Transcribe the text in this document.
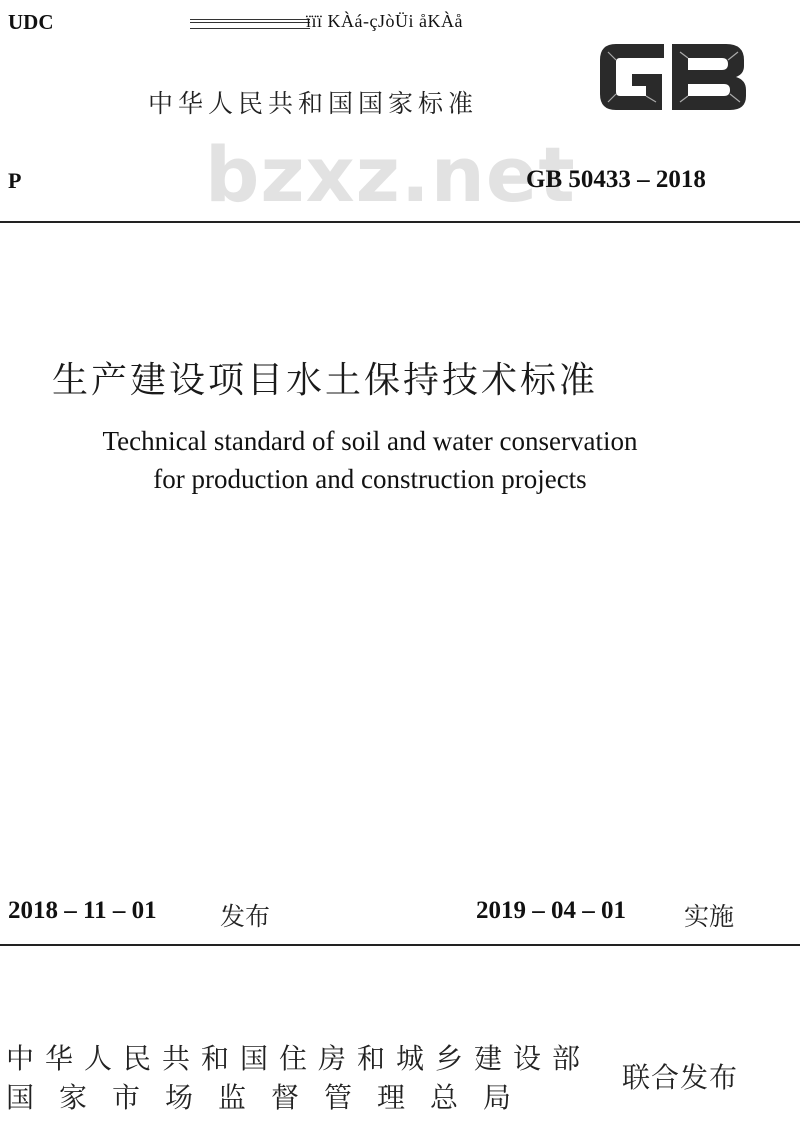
UDC	ïïï KÀá-çJòÜi åKÀå
中华人民共和国国家标准
bzxz.net
P	GB 50433 – 2018
生产建设项目水土保持技术标准
Technical standard of soil and water conservation
for production and construction projects
2018 – 11 – 01	发布	2019 – 04 – 01 实施
中华人民共和国住房和城乡建设部
国家市场监督管理总局
联合发布
